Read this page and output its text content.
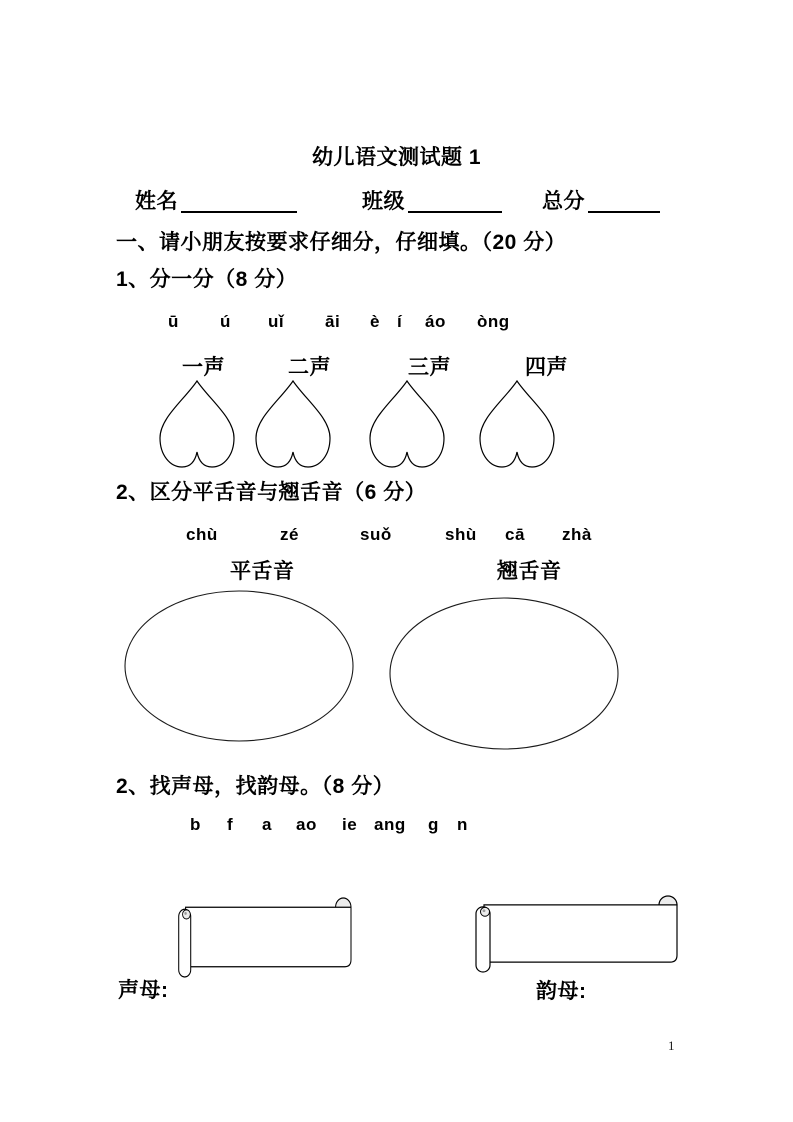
幼儿语文测试题 1
姓名	班级	总分
一、请小朋友按要求仔细分，仔细填。（20 分）
1、分一分（8 分）
ū ú uǐ āi è í áo òng
一声	二声	三声	四声
2、区分平舌音与翘舌音（6 分）
chù	zé	suǒ	shù cā zhà
平舌音	翘舌音
2、找声母，找韵母。（8 分）
b f a ao ie ang g n
声母:	韵母:
1
